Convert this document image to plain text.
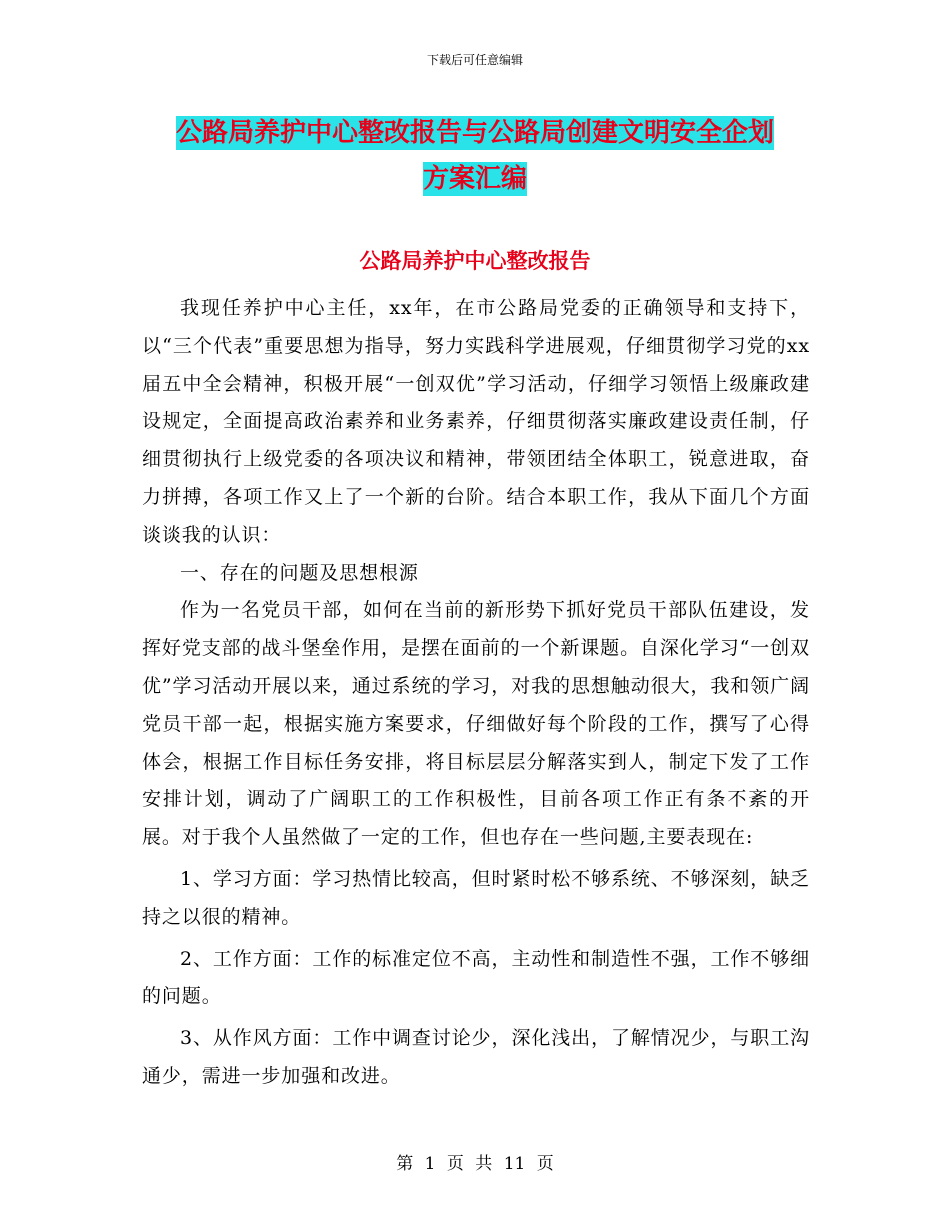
下载后可任意编辑
公路局养护中心整改报告与公路局创建文明安全企划
方案汇编
公路局养护中心整改报告

我现任养护中心主任，xx年，在市公路局党委的正确领导和支持下，以“三个代表”重要思想为指导，努力实践科学进展观，仔细贯彻学习党的xx届五中全会精神，积极开展“一创双优”学习活动，仔细学习领悟上级廉政建设规定，全面提高政治素养和业务素养，仔细贯彻落实廉政建设责任制，仔细贯彻执行上级党委的各项决议和精神，带领团结全体职工，锐意进取，奋力拼搏，各项工作又上了一个新的台阶。结合本职工作，我从下面几个方面谈谈我的认识：

一、存在的问题及思想根源

作为一名党员干部，如何在当前的新形势下抓好党员干部队伍建设，发挥好党支部的战斗堡垒作用，是摆在面前的一个新课题。自深化学习“一创双优”学习活动开展以来，通过系统的学习，对我的思想触动很大，我和领广阔党员干部一起，根据实施方案要求，仔细做好每个阶段的工作，撰写了心得体会，根据工作目标任务安排，将目标层层分解落实到人，制定下发了工作安排计划，调动了广阔职工的工作积极性，目前各项工作正有条不紊的开展。对于我个人虽然做了一定的工作，但也存在一些问题,主要表现在:

1、学习方面：学习热情比较高，但时紧时松不够系统、不够深刻，缺乏持之以很的精神。

2、工作方面：工作的标准定位不高，主动性和制造性不强，工作不够细的问题。

3、从作风方面：工作中调查讨论少，深化浅出，了解情况少，与职工沟通少，需进一步加强和改进。

第 1 页 共 11 页
